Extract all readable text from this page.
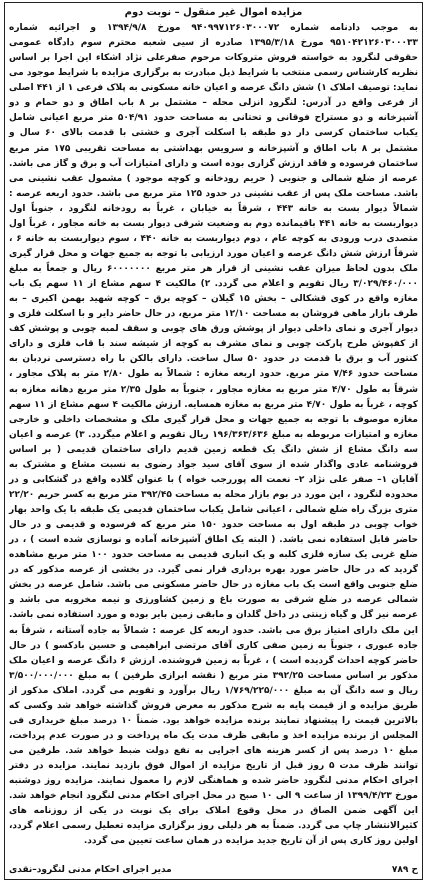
مزایده اموال غیر منقول – نوبت دوم
به موجب دادنامه شماره ۹۴۰۹۹۷۱۲۶۰۳۰۰۰۷۲ مورخ ۱۳۹۴/۹/۸ و اجرائیه شماره ۹۵۱۰۴۲۱۲۶۰۳۰۰۰۳۳ مورخ ۱۳۹۵/۳/۱۸ صادره از سیی شعبه محترم سوم دادگاه عمومی حقوقی لنگرود به خواسته فروش متروکات مرحوم صفرعلی نژاد اشکاء این اجرا بر اساس نظریه کارشناس رسمی منتخب با شرایط ذیل مبادرت به برگزاری مزایده با شرایط موجود می نماید: توصیف املاک ۱) شش دانگ عرصه و اعیان خانه مسکونی به پلاک فرعی ۱ از ۴۴۱ اصلی از فرعی واقع در آدرس: لنگرود انزلی محله – مشتمل بر ۸ باب اطاق و دو حمام و دو آشپزخانه و دو مستراح فوقانی و تحتانی به مساحت حدود ۵۰۴/۹۱ متر مربع اعیانی شامل یکباب ساختمان کرسی دار دو طبقه با اسکلت آجری و خشتی با قدمت بالای ۶۰ سال و مشتمل بر ۸ باب اطاق و آشپزخانه و سرویس بهداشتی به مساحت تقریبی ۱۷۵ متر مربع ساختمان فرسوده و فاقد ارزش گزاری بوده است و دارای امتیازات آب و برق و گاز می باشد. عرصه از ضلع شمالی و جنوبی ( حریم رودخانه و کوچه موجود ) مشمول عقب نشینی می باشد. مساحت ملک پس از عقب نشینی در حدود ۱۲۵ متر مربع می باشد. حدود اربعه عرصه : شمالاً دیوار بست به خانه ۴۴۳ ، شرقاً به خیابان ، غرباً به رودخانه لنگرود ، جنوباً اول دیواربست به خانه ۴۴۱ باقیمانده دوم به وضعیت شرقی دیوار بست به خانه مجاور ، غرباً اول متصدی درب ورودی به کوچه عام ، دوم دیواربست به خانه ۴۴۰ ، سوم دیواربست به خانه ۶ ، شرقاً ارزش شش دانگ عرصه و اعیان مورد ارزیابی با توجه به جمیع جهات و محل قرار گیری ملک بدون لحاظ میزان عقب نشینی از قرار هر متر مربع ۶۰۰۰۰۰۰۰ ریال و جمعاً به مبلغ ۳/۰۲۹/۴۶۰/۰۰۰ ریال تقویم و اعلام می گردد. ۲) مالکیت ۴ سهم مشاع از ۱۱ سهم یک باب مغازه واقع در کوی قشکالی – بخش ۱۵ گیلان – کوچه برق – کوچه شهید بهمن اکبری – به طرف بازار ماهی فروشان به مساحت ۱۲/۱۰ متر مربع، در حال حاضر دایر و با اسکلت فلزی و دیوار آجری و نمای داخلی دیوار از پوشش ورق های چوبی و سقف لمبه چوبی و پوشش کف از کفپوش طرح پارکت چوبی و نمای مشرف به کوچه از شیشه سند با قاب فلزی و دارای کنتور آب و برق با قدمت در حدود ۵۰ سال ساخت. دارای بالکن با راه دسترسی نردبان به مساحت حدود ۷/۴۶ متر مربع. حدود اربعه مغازه : شمالاً به طول ۲/۸۰ متر به پلاک مجاور ، شرقاً به طول ۴/۷۰ متر مربع به مغازه مجاور ، جنوباً به طول ۲/۳۵ متر مربع دهانه مغازه به کوچه ، غرباً به طول ۴/۷۰ متر مربع به مغازه همسایه. ارزش مالکیت ۴ سهم مشاع از ۱۱ سهم مغازه موصوف با توجه به جمیع جهات و محل قرار گیری ملک و مشخصات داخلی و خارجی مغازه و امتیازات مربوطه به مبلغ ۱۹۶/۳۶۳/۶۳۶ ریال تقویم و اعلام میگردد. ۳) عرصه و اعیان سه دانگ مشاع از شش دانگ یک قطعه زمین قدیم دارای ساختمان قدیمی ( بر اساس فروشنامه عادی واگذار شده از سوی آقای سید جواد رضوی به نسبت مشاع و مشترک به آقایان ۱– صفر علی نژاد ۲– نعمت اله پوررجب خواه ) با عنوان گلاده واقع در گشکابی و در محدوده لنگرود ، این مورد در بوم بازار محله به مساحت ۳۹۲/۴۵ متر مربع به کسر حریم ۲۲/۲۰ متری بزرگ راه ضلع شمالی ، اعیانی شامل یکباب ساختمان قدیمی یک طبقه با یک واحد بهار خواب چوبی در طبقه اول به مساحت حدود ۱۵۰ متر مربع که فرسوده و قدیمی و در حال حاضر قابل استفاده نمی باشد. ( البته یک اطاق آشپزخانه آماده و نوسازی شده است ) ، در ضلع غربی یک سازه فلزی کلبه و یک انباری قدیمی به مساحت حدود ۱۰۰ متر مربع مشاهده گردید که در حال حاضر مورد بهره برداری قرار نمی گیرد. در بخشی از عرصه مذکور که در ضلع جنوبی واقع است یک باب مغازه در حال حاضر مسکونی می باشد. شامل عرصه در بخش شمالی عرصه در ضلع شرقی به صورت باغ و زمین کشاورزی و نیمه مخروبه می باشد و عرصه نیز گل و گیاه زینتی در داخل گلدان و مابقی زمین بایر بوده و مورد استفاده نمی باشد. این ملک دارای امتیاز برق می باشد. حدود اربعه کل عرصه : شمالاً به جاده آستانه ، شرقاً به جاده عبوری ، جنوباً به زمین صفی کاری آقای مرتضی ابراهیمی و حسین بادکسو ) در حال حاضر کوچه احداث گردیده است ) ، غرباً به زمین فروشنده. ارزش ۶ دانگ عرصه و اعیان ملک مذکور بر اساس مساحت ۳۹۲/۲۵ متر مربع ( نقشه ابرازی طرفین ) به مبلغ ۳/۵۰۰/۰۰۰/۰۰۰ ریال و سه دانگ آن به مبلغ ۱/۷۶۹/۲۲۵/۰۰۰ ریال برآورد و تقویم می گردد. املاک مذکور از طریق مزایده و از قیمت پایه به شرح مذکور به معرض فروش گذاشته خواهد شد وکسی که بالاترین قیمت را پیشنهاد نمایند برنده مزایده خواهد بود. ضمناً ۱۰ درصد مبلغ خریداری فی المجلس از برنده مزایده اخذ و مابقی ظرف مدت یک ماه پرداخت و در صورت عدم پرداخت، مبلغ ۱۰ درصد پس از کسر هزینه های اجرایی به نفع دولت ضبط خواهد شد. طرفین می توانند ظرف مدت ۵ روز قبل از تاریخ مزایده از اموال فوق بازدید نمایند. مزایده در دفتر اجرای احکام مدنی لنگرود حاضر شده و هماهنگی لازم را معمول نمایند. مزایده روز دوشنبه مورخ ۱۳۹۹/۴/۲۳ از ساعت ۹ الی ۱۰ صبح در محل اجرای احکام مدنی لنگرود انجام خواهد شد. این آگهی ضمن الصاق در محل وقوع املاک برای یک نوبت در یکی از روزنامه های کثیرالانتشار چاپ می گردد. ضمناً به هر دلیلی روز برگزاری مزایده تعطیل رسمی اعلام گردد، اولین روز کاری پس از آن تاریخ جدید مزایده در همان ساعت تعیین می گردد.
ح ۷۸۹
مدیر اجرای احکام مدنی لنگرود–نقدی
